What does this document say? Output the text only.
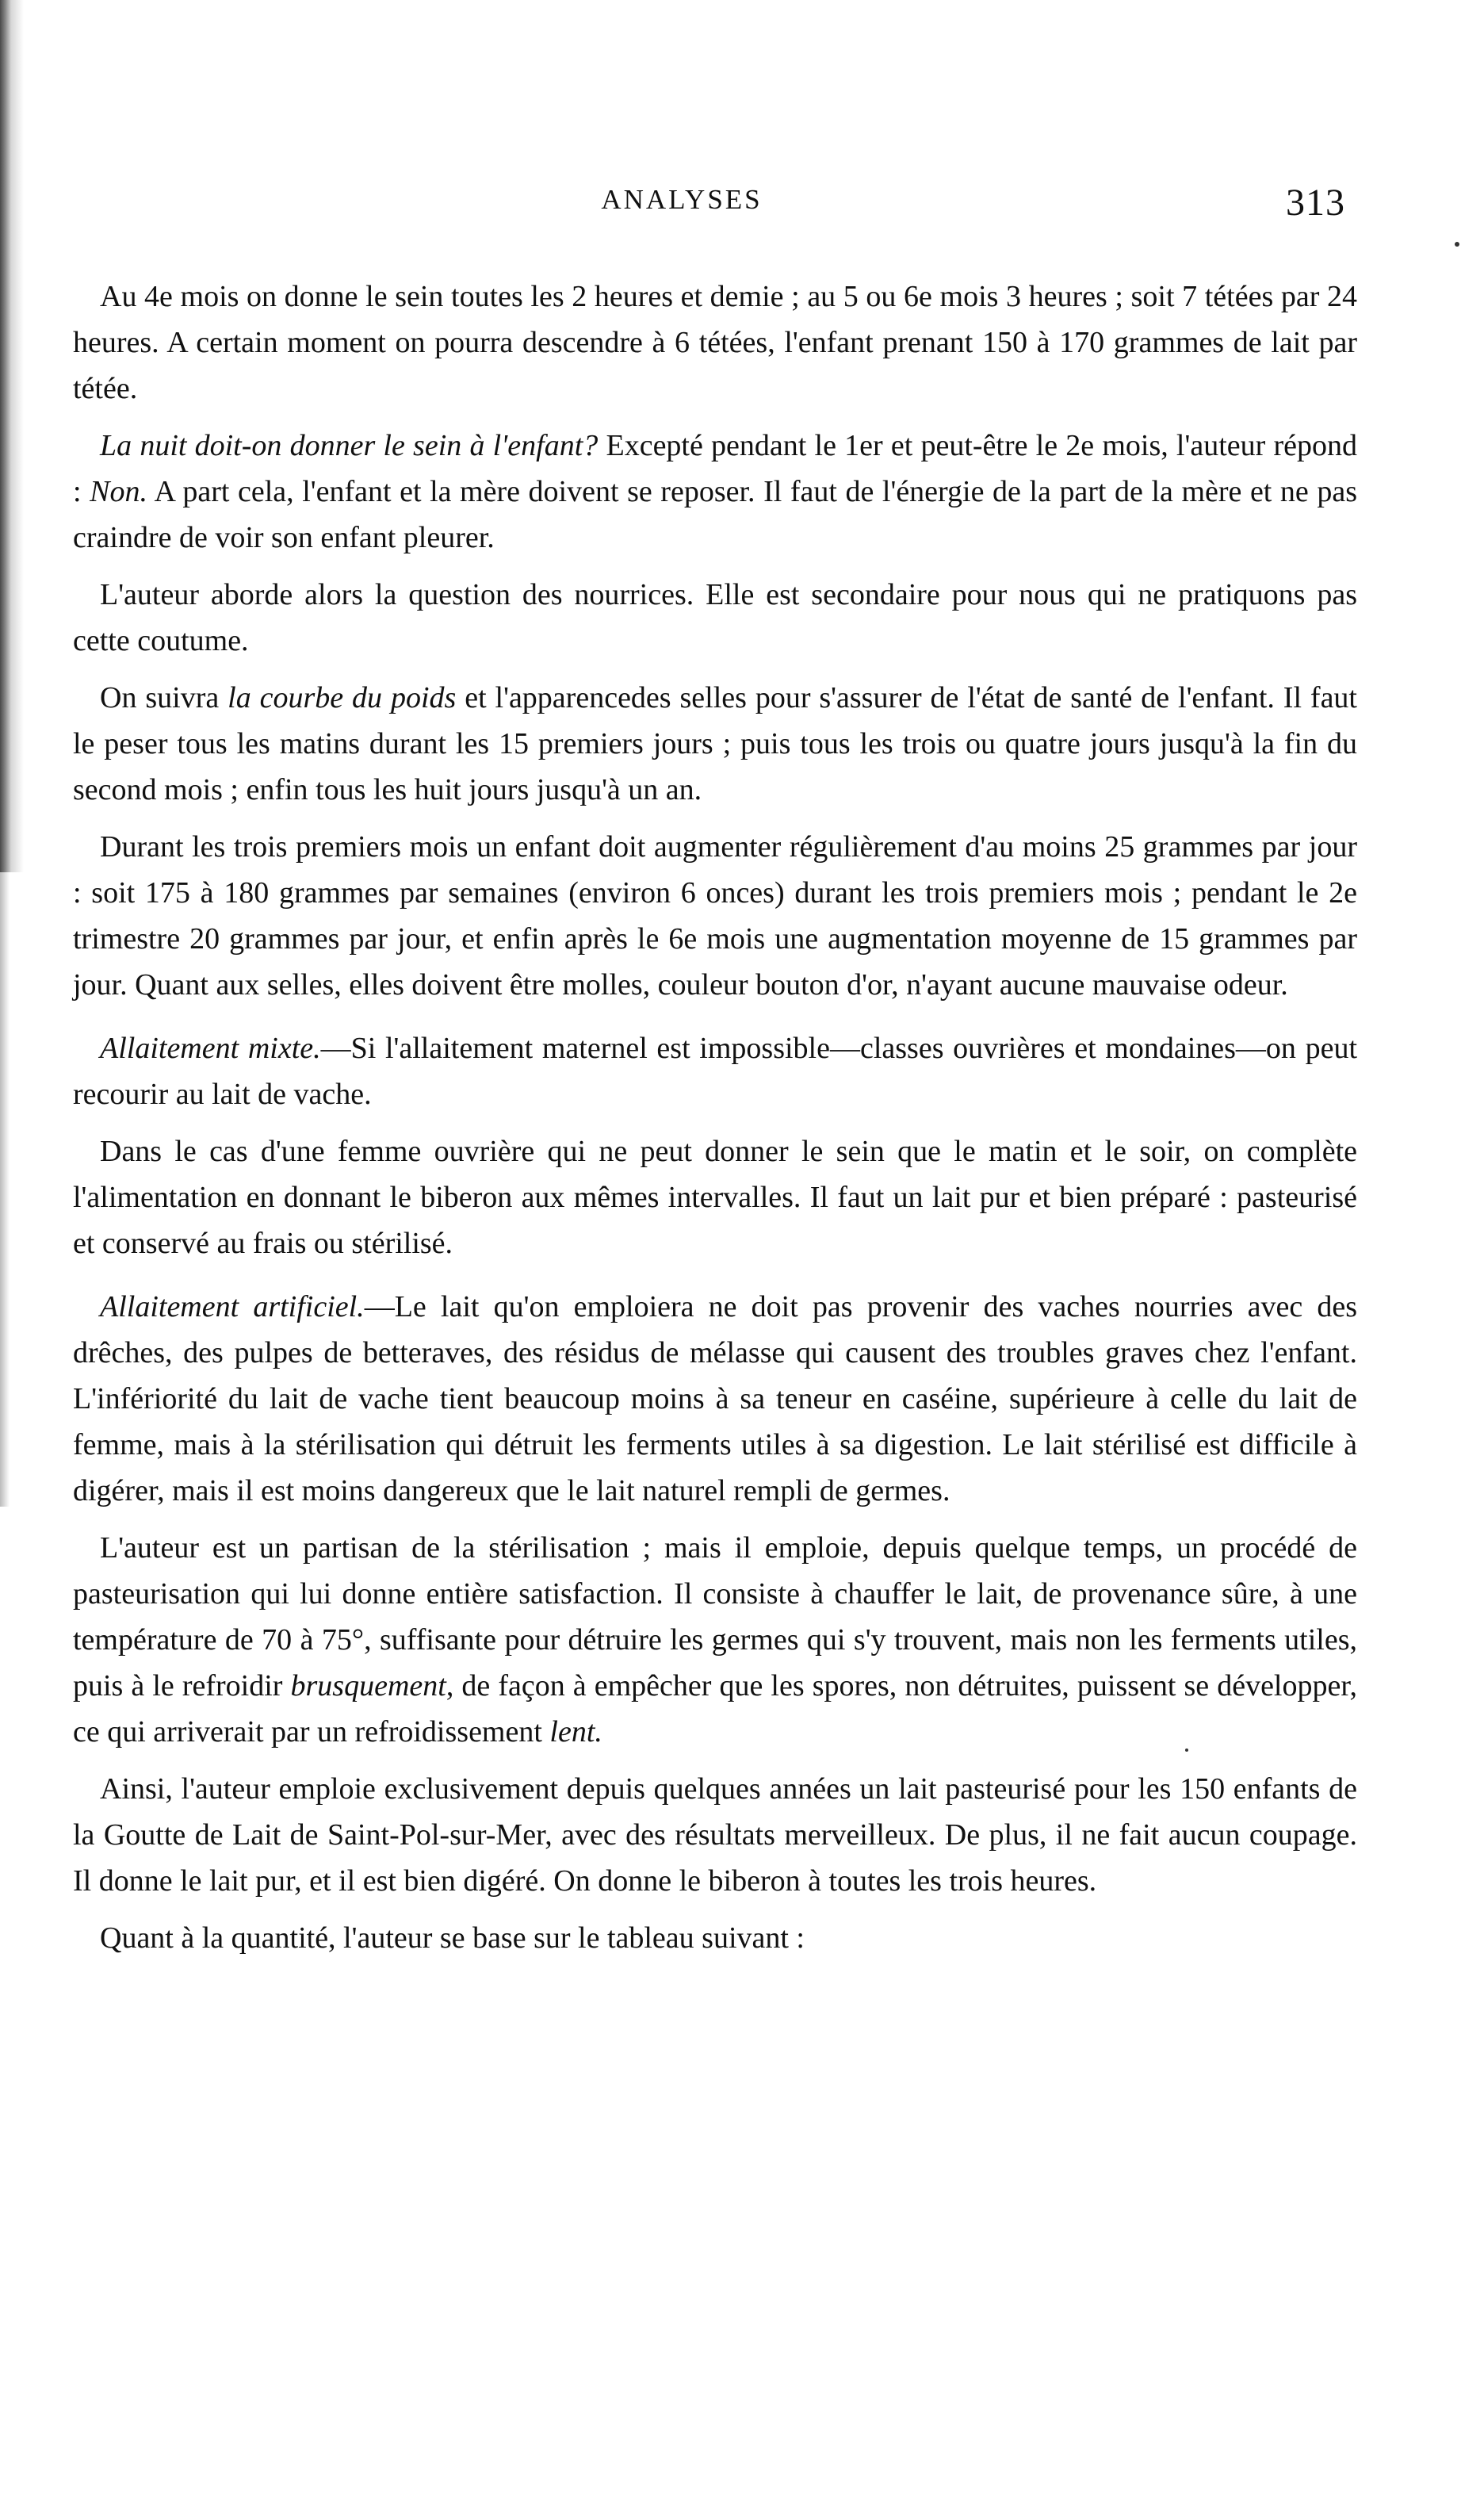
ANALYSES	313

Au 4e mois on donne le sein toutes les 2 heures et demie ; au 5 ou 6e mois 3 heures ; soit 7 tétées par 24 heures. A certain moment on pourra descendre à 6 tétées, l'enfant prenant 150 à 170 grammes de lait par tétée.

La nuit doit-on donner le sein à l'enfant? Excepté pendant le 1er et peut-être le 2e mois, l'auteur répond : Non. A part cela, l'enfant et la mère doivent se reposer. Il faut de l'énergie de la part de la mère et ne pas craindre de voir son enfant pleurer.

L'auteur aborde alors la question des nourrices. Elle est secondaire pour nous qui ne pratiquons pas cette coutume.

On suivra la courbe du poids et l'apparencedes selles pour s'assurer de l'état de santé de l'enfant. Il faut le peser tous les matins durant les 15 premiers jours ; puis tous les trois ou quatre jours jusqu'à la fin du second mois ; enfin tous les huit jours jusqu'à un an.

Durant les trois premiers mois un enfant doit augmenter régulièrement d'au moins 25 grammes par jour : soit 175 à 180 grammes par semaines (environ 6 onces) durant les trois premiers mois ; pendant le 2e trimestre 20 grammes par jour, et enfin après le 6e mois une augmentation moyenne de 15 grammes par jour. Quant aux selles, elles doivent être molles, couleur bouton d'or, n'ayant aucune mauvaise odeur.

Allaitement mixte.—Si l'allaitement maternel est impossible—classes ouvrières et mondaines—on peut recourir au lait de vache.

Dans le cas d'une femme ouvrière qui ne peut donner le sein que le matin et le soir, on complète l'alimentation en donnant le biberon aux mêmes intervalles. Il faut un lait pur et bien préparé : pasteurisé et conservé au frais ou stérilisé.

Allaitement artificiel.—Le lait qu'on emploiera ne doit pas provenir des vaches nourries avec des drêches, des pulpes de betteraves, des résidus de mélasse qui causent des troubles graves chez l'enfant. L'infériorité du lait de vache tient beaucoup moins à sa teneur en caséine, supérieure à celle du lait de femme, mais à la stérilisation qui détruit les ferments utiles à sa digestion. Le lait stérilisé est difficile à digérer, mais il est moins dangereux que le lait naturel rempli de germes.

L'auteur est un partisan de la stérilisation ; mais il emploie, depuis quelque temps, un procédé de pasteurisation qui lui donne entière satisfaction. Il consiste à chauffer le lait, de provenance sûre, à une température de 70 à 75°, suffisante pour détruire les germes qui s'y trouvent, mais non les ferments utiles, puis à le refroidir brusquement, de façon à empêcher que les spores, non détruites, puissent se développer, ce qui arriverait par un refroidissement lent.

Ainsi, l'auteur emploie exclusivement depuis quelques années un lait pasteurisé pour les 150 enfants de la Goutte de Lait de Saint-Pol-sur-Mer, avec des résultats merveilleux. De plus, il ne fait aucun coupage. Il donne le lait pur, et il est bien digéré. On donne le biberon à toutes les trois heures.

Quant à la quantité, l'auteur se base sur le tableau suivant :
